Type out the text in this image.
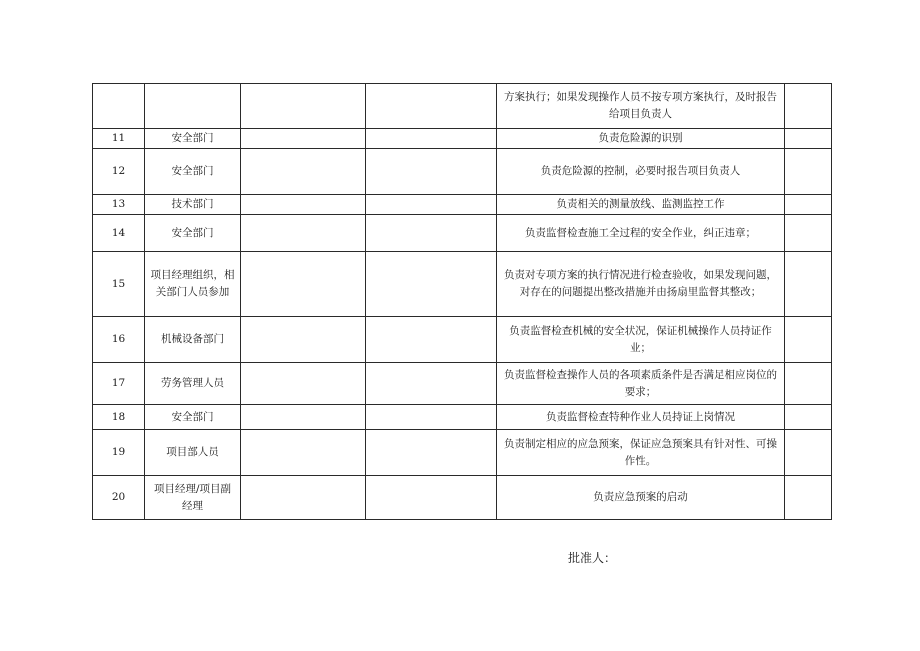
				方案执行；如果发现操作人员不按专项方案执行，及时报告给项目负责人	
11	安全部门			负责危险源的识别	
12	安全部门			负责危险源的控制，必要时报告项目负责人	
13	技术部门			负责相关的测量放线、监测监控工作	
14	安全部门			负责监督检查施工全过程的安全作业，纠正违章；	
15	项目经理组织，相关部门人员参加			负责对专项方案的执行情况进行检查验收，如果发现问题，对存在的问题提出整改措施并由扬扇里监督其整改；	
16	机械设备部门			负责监督检查机械的安全状况，保证机械操作人员持证作业；	
17	劳务管理人员			负责监督检查操作人员的各项素质条件是否满足相应岗位的要求；	
18	安全部门			负责监督检查特种作业人员持证上岗情况	
19	项目部人员			负责制定相应的应急预案，保证应急预案具有针对性、可操作性。	
20	项目经理/项目副经理			负责应急预案的启动	
批准人：
